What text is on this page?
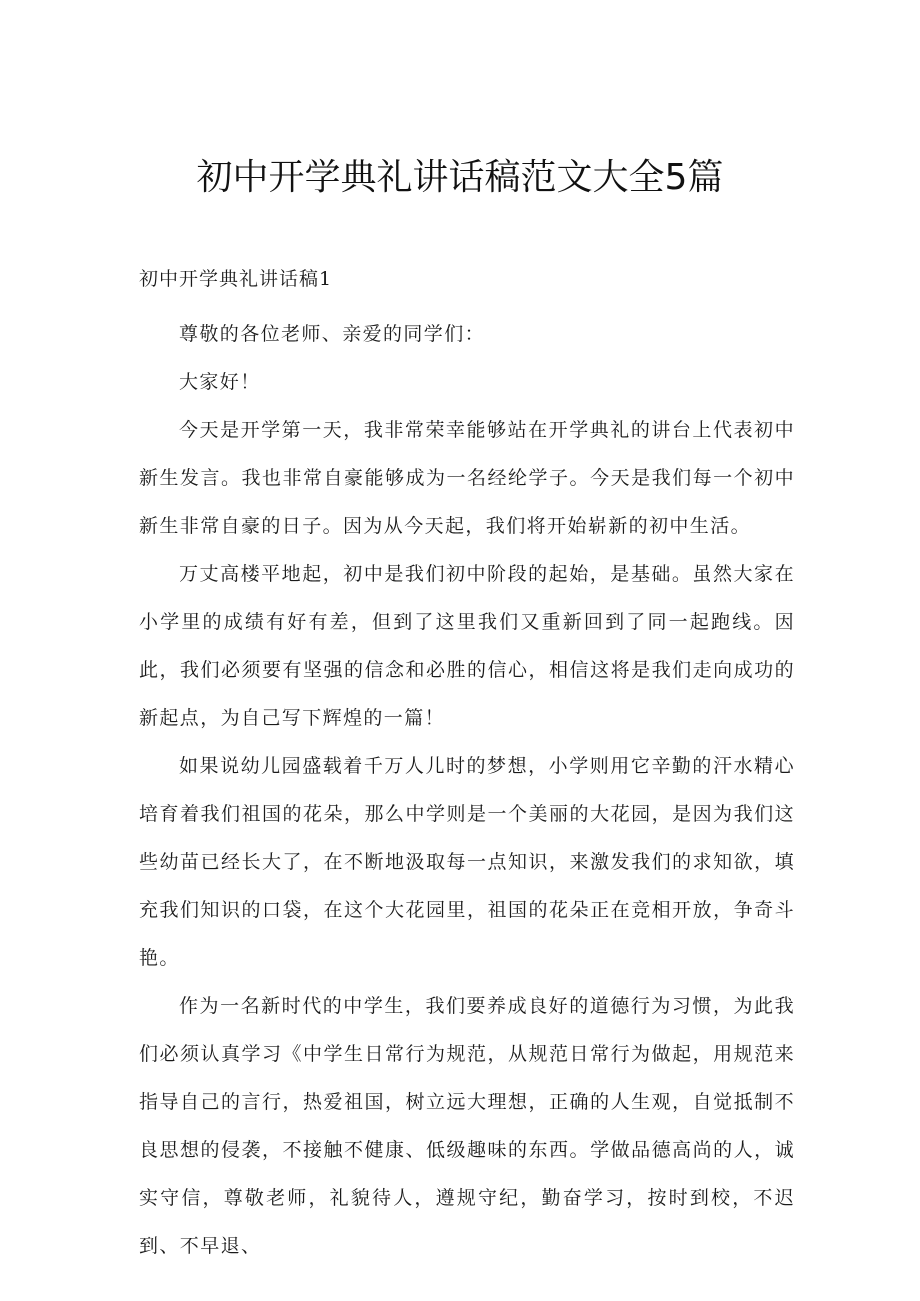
初中开学典礼讲话稿范文大全5篇
初中开学典礼讲话稿1

尊敬的各位老师、亲爱的同学们：

大家好！

今天是开学第一天，我非常荣幸能够站在开学典礼的讲台上代表初中新生发言。我也非常自豪能够成为一名经纶学子。今天是我们每一个初中新生非常自豪的日子。因为从今天起，我们将开始崭新的初中生活。

万丈高楼平地起，初中是我们初中阶段的起始，是基础。虽然大家在小学里的成绩有好有差，但到了这里我们又重新回到了同一起跑线。因此，我们必须要有坚强的信念和必胜的信心，相信这将是我们走向成功的新起点，为自己写下辉煌的一篇！

如果说幼儿园盛载着千万人儿时的梦想，小学则用它辛勤的汗水精心培育着我们祖国的花朵，那么中学则是一个美丽的大花园，是因为我们这些幼苗已经长大了，在不断地汲取每一点知识，来激发我们的求知欲，填充我们知识的口袋，在这个大花园里，祖国的花朵正在竞相开放，争奇斗艳。

作为一名新时代的中学生，我们要养成良好的道德行为习惯，为此我们必须认真学习《中学生日常行为规范，从规范日常行为做起，用规范来指导自己的言行，热爱祖国，树立远大理想，正确的人生观，自觉抵制不良思想的侵袭，不接触不健康、低级趣味的东西。学做品德高尚的人，诚实守信，尊敬老师，礼貌待人，遵规守纪，勤奋学习，按时到校，不迟到、不早退、
